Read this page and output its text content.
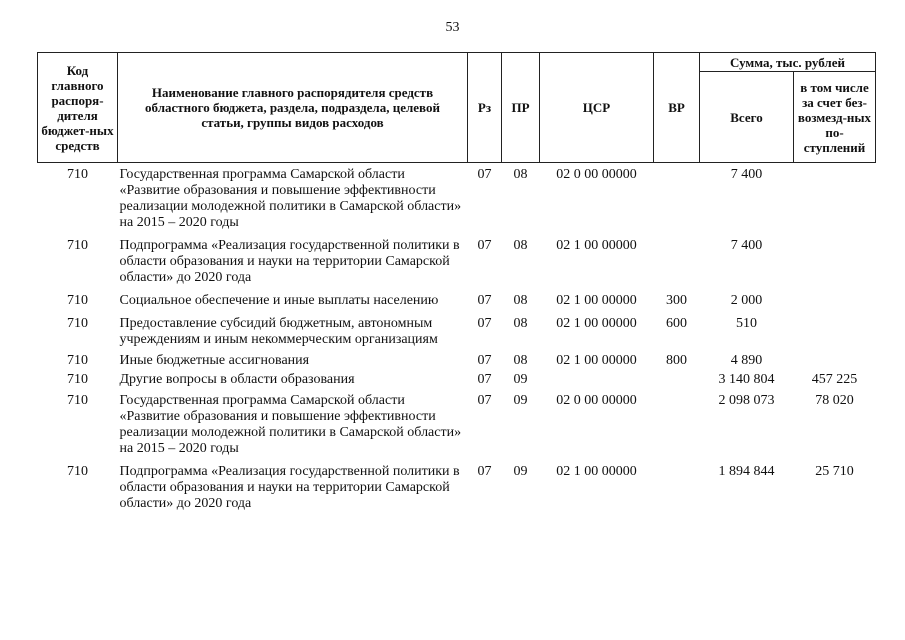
53
Код главного распоря-дителя бюджет-ных средств	Наименование главного распорядителя средств областного бюджета, раздела, подраздела, целевой статьи, группы видов расходов	Рз	ПР	ЦСР	ВР	Сумма, тыс. рублей	
						Всего	в том числе за счет без-возмезд-ных по-ступлений
710	Государственная программа Самарской области «Развитие образования и повышение эффективности реализации молодежной политики в Самарской области» на 2015 – 2020 годы	07	08	02 0 00 00000		7 400	
710	Подпрограмма «Реализация государственной политики в области образования и науки на территории Самарской области» до 2020 года	07	08	02 1 00 00000		7 400	
710	Социальное обеспечение и иные выплаты населению	07	08	02 1 00 00000	300	2 000	
710	Предоставление субсидий бюджетным, автономным учреждениям и иным некоммерческим организациям	07	08	02 1 00 00000	600	510	
710	Иные бюджетные ассигнования	07	08	02 1 00 00000	800	4 890	
710	Другие вопросы в области образования	07	09			3 140 804	457 225
710	Государственная программа Самарской области «Развитие образования и повышение эффективности реализации молодежной политики в Самарской области» на 2015 – 2020 годы	07	09	02 0 00 00000		2 098 073	78 020
710	Подпрограмма «Реализация государственной политики в области образования и науки на территории Самарской области» до 2020 года	07	09	02 1 00 00000		1 894 844	25 710
